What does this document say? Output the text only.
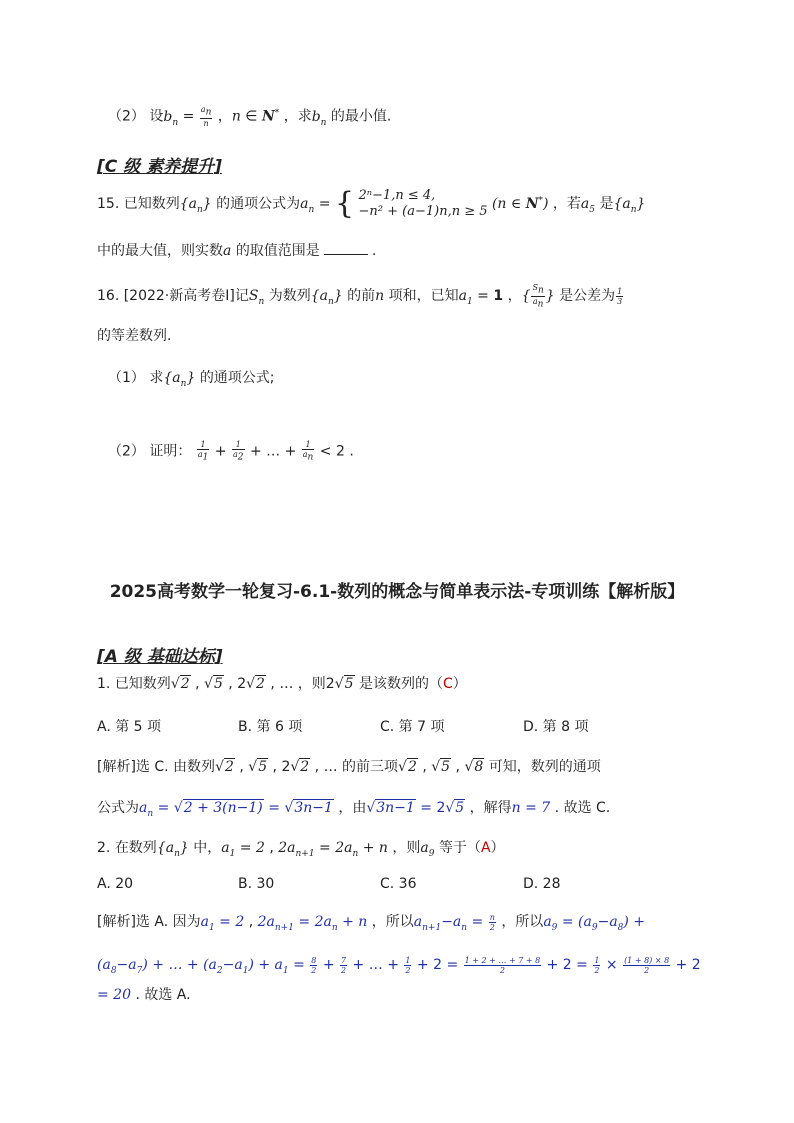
（2） 设$b_n = \frac{a_n}{n}$ ，n ∈ N* ，求$b_n$ 的最小值.
[C 级 素养提升]
15. 已知数列$\{a_n\}$ 的通项公式为$a_n$ = { 2ⁿ−1,n ≤ 4,
−n² + (a−1)n,n ≥ 5 (n ∈ N*) ，若$a_5$ 是$\{a_n\}$
中的最大值，则实数a 的取值范围是	.
16. [2022·新高考卷Ⅰ]记$S_n$ 为数列$\{a_n\}$ 的前n 项和，已知$a_1 = 1$ ，{ $\frac{S_n}{a_n}$ } 是公差为 $\frac{1}{3}$
的等差数列.
（1） 求$\{a_n\}$ 的通项公式;
（2） 证明： $\frac{1}{a_1} + \frac{1}{a_2}$ + … + $\frac{1}{a_n} < 2$ .
2025高考数学一轮复习-6.1-数列的概念与简单表示法-专项训练【解析版】
[A 级 基础达标]
1. 已知数列√2 , √5 , 2√2 , … ，则2√5 是该数列的（C）
A. 第 5 项	B. 第 6 项	C. 第 7 项	D. 第 8 项
[解析]选 C. 由数列√2 , √5 , 2√2 , … 的前三项√2 , √5 , √8 可知，数列的通项
公式为$a_n = √2 + 3(n-1) = √3n-1$ ，由√3n−1 = 2√5 ，解得n = 7 . 故选 C.
2. 在数列$\{a_n\}$ 中，$a_1 = 2$ , $2a_{n+1} = 2a_n + n$ ，则$a_9$ 等于（A）
A. 20	B. 30	C. 36	D. 28
[解析]选 A. 因为$a_1 = 2$ , $2a_{n+1} = 2a_n + n$ ，所以$a_{n+1}-a_n = \frac{n}{2}$ ，所以$a_9 = (a_9-a_8)$ +
$(a_8-a_7)$ + … + $(a_2-a_1) + a_1 = \frac{8}{2} + \frac{7}{2}$ + … + $\frac{1}{2} + 2 = \frac{1 + 2 + \dots + 7 + 8}{2} + 2 = \frac{1}{2} \times \frac{(1 + 8) \times 8}{2} + 2$
= 20 . 故选 A.
